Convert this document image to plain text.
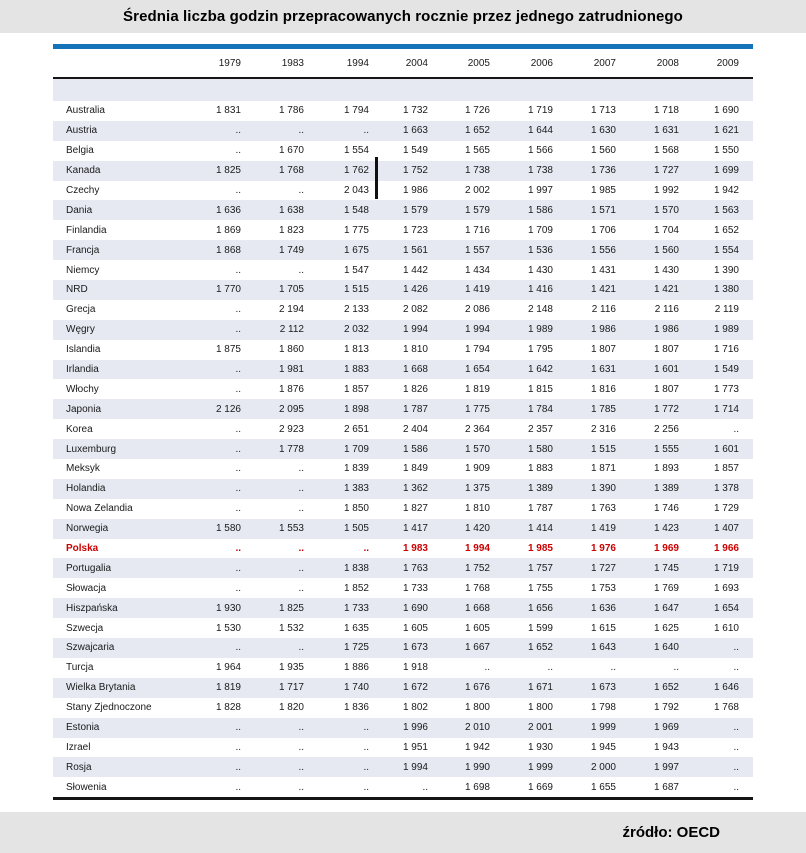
Średnia liczba godzin przepracowanych rocznie przez jednego zatrudnionego
	1979	1983	1994	2004	2005	2006	2007	2008	2009

Australia	1 831	1 786	1 794	1 732	1 726	1 719	1 713	1 718	1 690
Austria	..	..	..	1 663	1 652	1 644	1 630	1 631	1 621
Belgia	..	1 670	1 554	1 549	1 565	1 566	1 560	1 568	1 550
Kanada	1 825	1 768	1 762	1 752	1 738	1 738	1 736	1 727	1 699
Czechy	..	..	2 043	1 986	2 002	1 997	1 985	1 992	1 942
Dania	1 636	1 638	1 548	1 579	1 579	1 586	1 571	1 570	1 563
Finlandia	1 869	1 823	1 775	1 723	1 716	1 709	1 706	1 704	1 652
Francja	1 868	1 749	1 675	1 561	1 557	1 536	1 556	1 560	1 554
Niemcy	..	..	1 547	1 442	1 434	1 430	1 431	1 430	1 390
NRD	1 770	1 705	1 515	1 426	1 419	1 416	1 421	1 421	1 380
Grecja	..	2 194	2 133	2 082	2 086	2 148	2 116	2 116	2 119
Węgry	..	2 112	2 032	1 994	1 994	1 989	1 986	1 986	1 989
Islandia	1 875	1 860	1 813	1 810	1 794	1 795	1 807	1 807	1 716
Irlandia	..	1 981	1 883	1 668	1 654	1 642	1 631	1 601	1 549
Włochy	..	1 876	1 857	1 826	1 819	1 815	1 816	1 807	1 773
Japonia	2 126	2 095	1 898	1 787	1 775	1 784	1 785	1 772	1 714
Korea	..	2 923	2 651	2 404	2 364	2 357	2 316	2 256	..
Luxemburg	..	1 778	1 709	1 586	1 570	1 580	1 515	1 555	1 601
Meksyk	..	..	1 839	1 849	1 909	1 883	1 871	1 893	1 857
Holandia	..	..	1 383	1 362	1 375	1 389	1 390	1 389	1 378
Nowa Zelandia	..	..	1 850	1 827	1 810	1 787	1 763	1 746	1 729
Norwegia	1 580	1 553	1 505	1 417	1 420	1 414	1 419	1 423	1 407
Polska	..	..	..	1 983	1 994	1 985	1 976	1 969	1 966
Portugalia	..	..	1 838	1 763	1 752	1 757	1 727	1 745	1 719
Słowacja	..	..	1 852	1 733	1 768	1 755	1 753	1 769	1 693
Hiszpańska	1 930	1 825	1 733	1 690	1 668	1 656	1 636	1 647	1 654
Szwecja	1 530	1 532	1 635	1 605	1 605	1 599	1 615	1 625	1 610
Szwajcaria	..	..	1 725	1 673	1 667	1 652	1 643	1 640	..
Turcja	1 964	1 935	1 886	1 918	..	..	..	..	..
Wielka Brytania	1 819	1 717	1 740	1 672	1 676	1 671	1 673	1 652	1 646
Stany Zjednoczone	1 828	1 820	1 836	1 802	1 800	1 800	1 798	1 792	1 768
Estonia	..	..	..	1 996	2 010	2 001	1 999	1 969	..
Izrael	..	..	..	1 951	1 942	1 930	1 945	1 943	..
Rosja	..	..	..	1 994	1 990	1 999	2 000	1 997	..
Słowenia	..	..	..	..	1 698	1 669	1 655	1 687	..
źródło: OECD
